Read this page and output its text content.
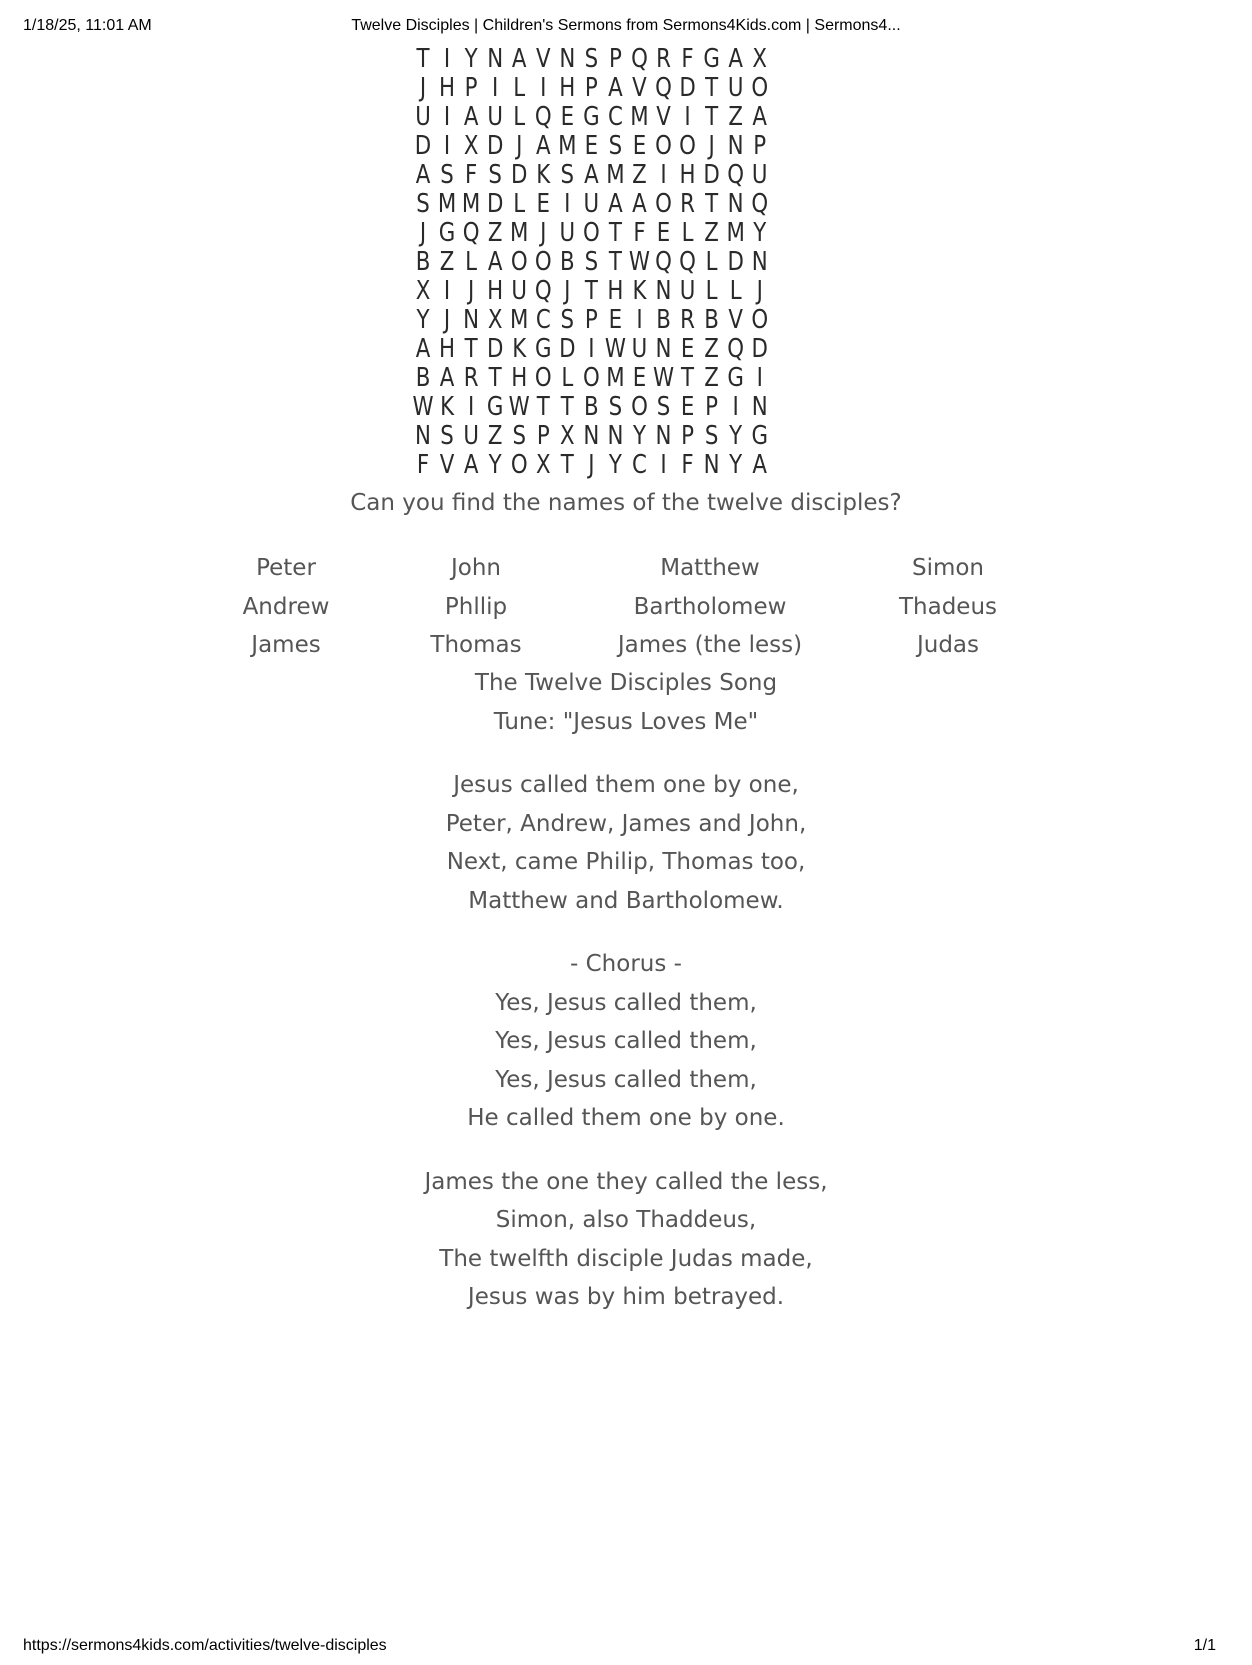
1/18/25, 11:01 AM	Twelve Disciples | Children's Sermons from Sermons4Kids.com | Sermons4...
T I Y N A V N S P Q R F G A X
J H P I L I H P A V Q D T U O
U I A U L Q E G C M V I T Z A
D I X D J A M E S E O O J N P
A S F S D K S A M Z I H D Q U
S M M D L E I U A A O R T N Q
J G Q Z M J U O T F E L Z M Y
B Z L A O O B S T W Q Q L D N
X I J H U Q J T H K N U L L J
Y J N X M C S P E I B R B V O
A H T D K G D I W U N E Z Q D
B A R T H O L O M E W T Z G I
W K I G W T T B S O S E P I N
N S U Z S P X N N Y N P S Y G
F V A Y O X T J Y C I F N Y A
Can you find the names of the twelve disciples?
Peter	John	Matthew	Simon
Andrew	Phllip	Bartholomew	Thadeus
James	Thomas	James (the less)	Judas
The Twelve Disciples Song
Tune: "Jesus Loves Me"
Jesus called them one by one,
Peter, Andrew, James and John,
Next, came Philip, Thomas too,
Matthew and Bartholomew.
- Chorus -
Yes, Jesus called them,
Yes, Jesus called them,
Yes, Jesus called them,
He called them one by one.
James the one they called the less,
Simon, also Thaddeus,
The twelfth disciple Judas made,
Jesus was by him betrayed.
https://sermons4kids.com/activities/twelve-disciples	1/1
